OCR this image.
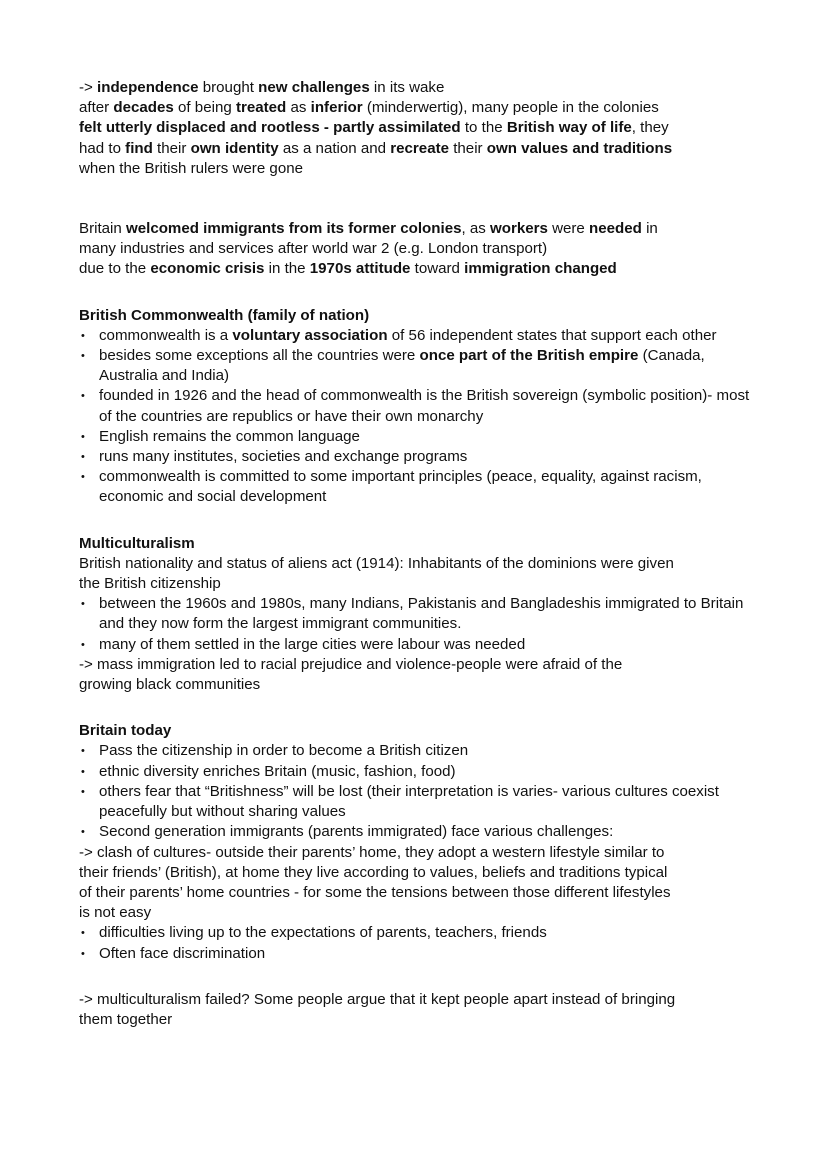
-> independence brought new challenges in its wake
after decades of being treated as inferior (minderwertig), many people in the colonies
felt utterly displaced and rootless - partly assimilated to the British way of life, they
had to find their own identity as a nation and recreate their own values and traditions
when the British rulers were gone
Britain welcomed immigrants from its former colonies, as workers were needed in
many industries and services after world war 2 (e.g. London transport)
due to the economic crisis in the 1970s attitude toward immigration changed
British Commonwealth (family of nation)
• commonwealth is a voluntary association of 56 independent states that support each other
• besides some exceptions all the countries were once part of the British empire (Canada, Australia and India)
• founded in 1926 and the head of commonwealth is the British sovereign (symbolic position)- most of the countries are republics or have their own monarchy
• English remains the common language
• runs many institutes, societies and exchange programs
• commonwealth is committed to some important principles (peace, equality, against racism, economic and social development
Multiculturalism
British nationality and status of aliens act (1914): Inhabitants of the dominions were given
the British citizenship
• between the 1960s and 1980s, many Indians, Pakistanis and Bangladeshis immigrated to Britain and they now form the largest immigrant communities.
• many of them settled in the large cities were labour was needed
-> mass immigration led to racial prejudice and violence-people were afraid of the
growing black communities
Britain today
• Pass the citizenship in order to become a British citizen
• ethnic diversity enriches Britain (music, fashion, food)
• others fear that “Britishness” will be lost (their interpretation is varies- various cultures coexist peacefully but without sharing values
• Second generation immigrants (parents immigrated) face various challenges:
-> clash of cultures- outside their parents’ home, they adopt a western lifestyle similar to
their friends’ (British), at home they live according to values, beliefs and traditions typical
of their parents’ home countries - for some the tensions between those different lifestyles
is not easy
• difficulties living up to the expectations of parents, teachers, friends
• Often face discrimination
-> multiculturalism failed? Some people argue that it kept people apart instead of bringing
them together
